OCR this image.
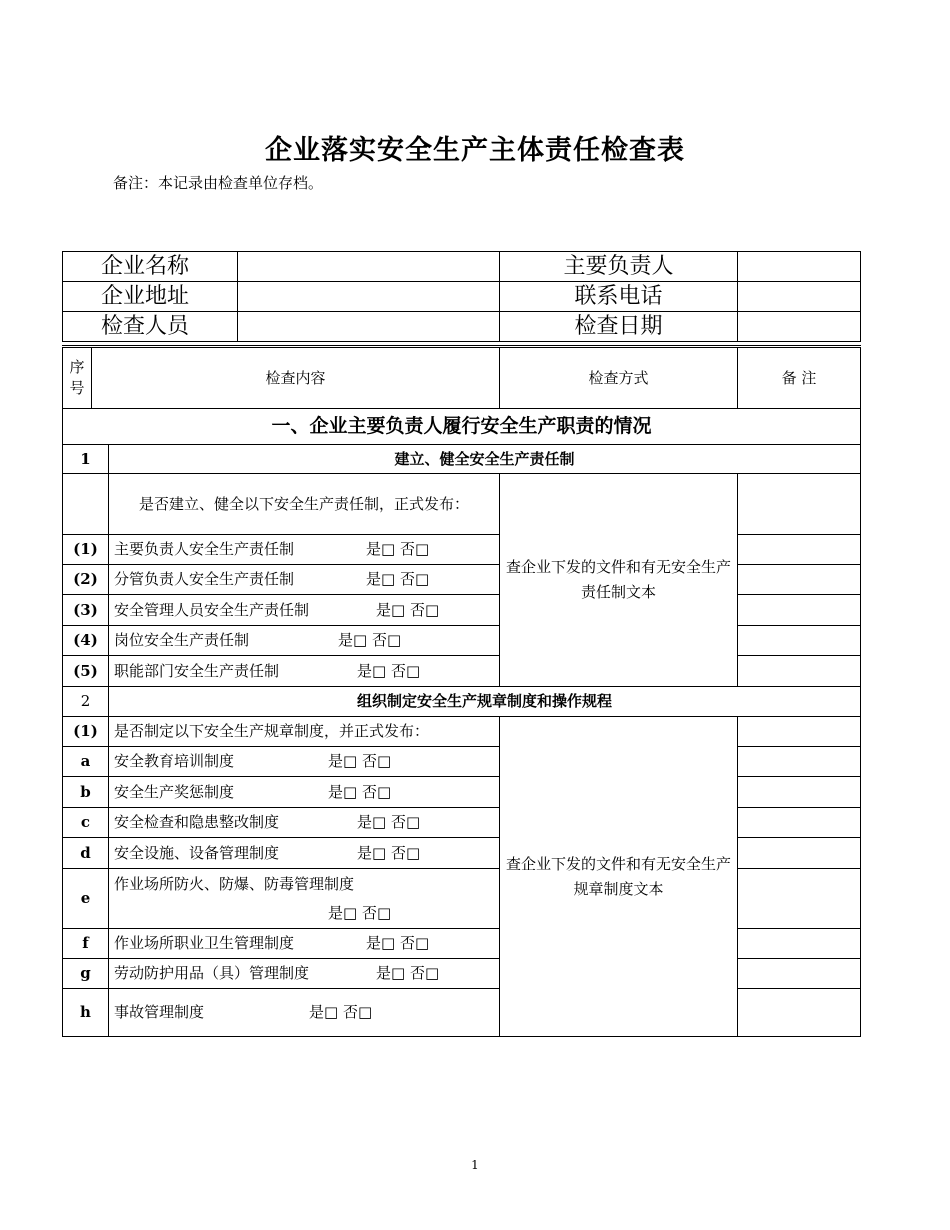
企业落实安全生产主体责任检查表
备注：本记录由检查单位存档。
企业名称		主要负责人	
企业地址		联系电话	
检查人员		检查日期	
序
号	检查内容		检查方式	备 注
一、企业主要负责人履行安全生产职责的情况				
1		建立、健全安全生产责任制		
		是否建立、健全以下安全生产责任制，正式发布：	查企业下发的文件和有无安全生产责任制文本	
(1)		主要负责人安全生产责任制 是□ 否□		
(2)		分管负责人安全生产责任制 是□ 否□		
(3)		安全管理人员安全生产责任制 是□ 否□		
(4)		岗位安全生产责任制 是□ 否□		
(5)		职能部门安全生产责任制 是□ 否□		
2		组织制定安全生产规章制度和操作规程		
(1)		是否制定以下安全生产规章制度，并正式发布：	查企业下发的文件和有无安全生产规章制度文本	
a		安全教育培训制度 是□ 否□		
b		安全生产奖惩制度 是□ 否□		
c		安全检查和隐患整改制度 是□ 否□		
d		安全设施、设备管理制度 是□ 否□		
e		作业场所防火、防爆、防毒管理制度
是□ 否□		
f		作业场所职业卫生管理制度 是□ 否□		
g		劳动防护用品（具）管理制度 是□ 否□		
h		事故管理制度 是□ 否□		
1
